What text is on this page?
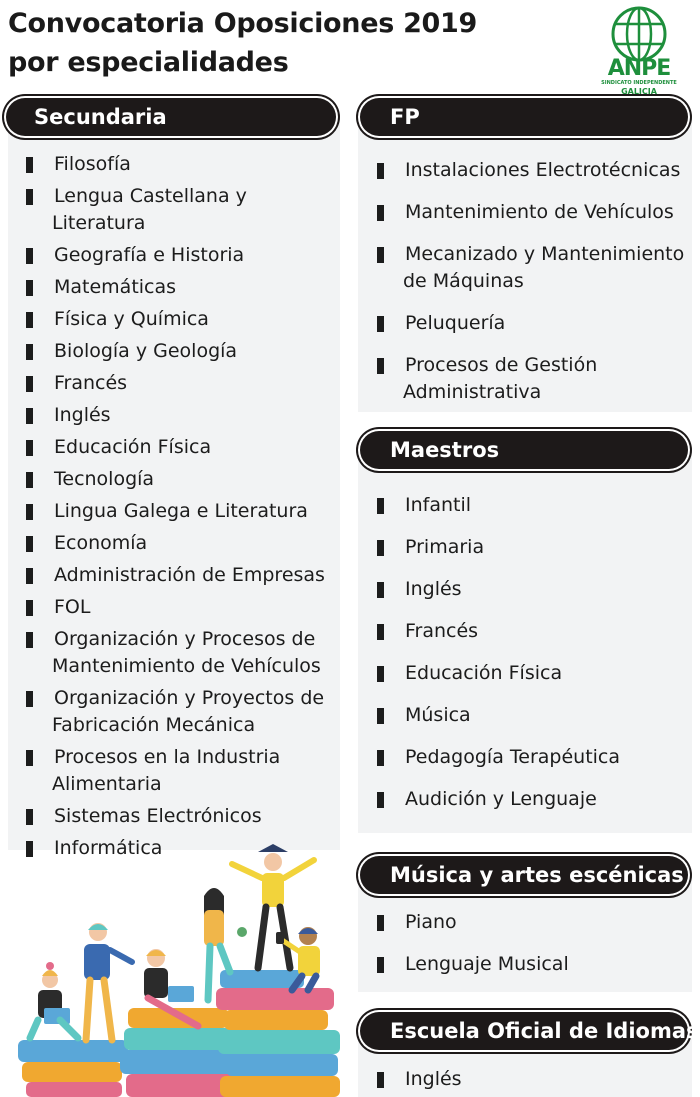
Convocatoria Oposiciones 2019
por especialidades	ANPE
SINDICATO INDEPENDENTE
GALICIA
Secundaria	FP
Maestros
Música y artes escénicas
Escuela Oficial de Idiomas
Filosofía
Lengua Castellana y Literatura
Geografía e Historia
Matemáticas
Física y Química
Biología y Geología
Francés
Inglés
Educación Física
Tecnología
Lingua Galega e Literatura
Economía
Administración de Empresas
FOL
Organización y Procesos de Mantenimiento de Vehículos
Organización y Proyectos de Fabricación Mecánica
Procesos en la Industria Alimentaria
Sistemas Electrónicos
Informática
Instalaciones Electrotécnicas
Mantenimiento de Vehículos
Mecanizado y Mantenimiento de Máquinas
Peluquería
Procesos de Gestión Administrativa
Infantil
Primaria
Inglés
Francés
Educación Física
Música
Pedagogía Terapéutica
Audición y Lenguaje
Piano
Lenguaje Musical
Inglés
